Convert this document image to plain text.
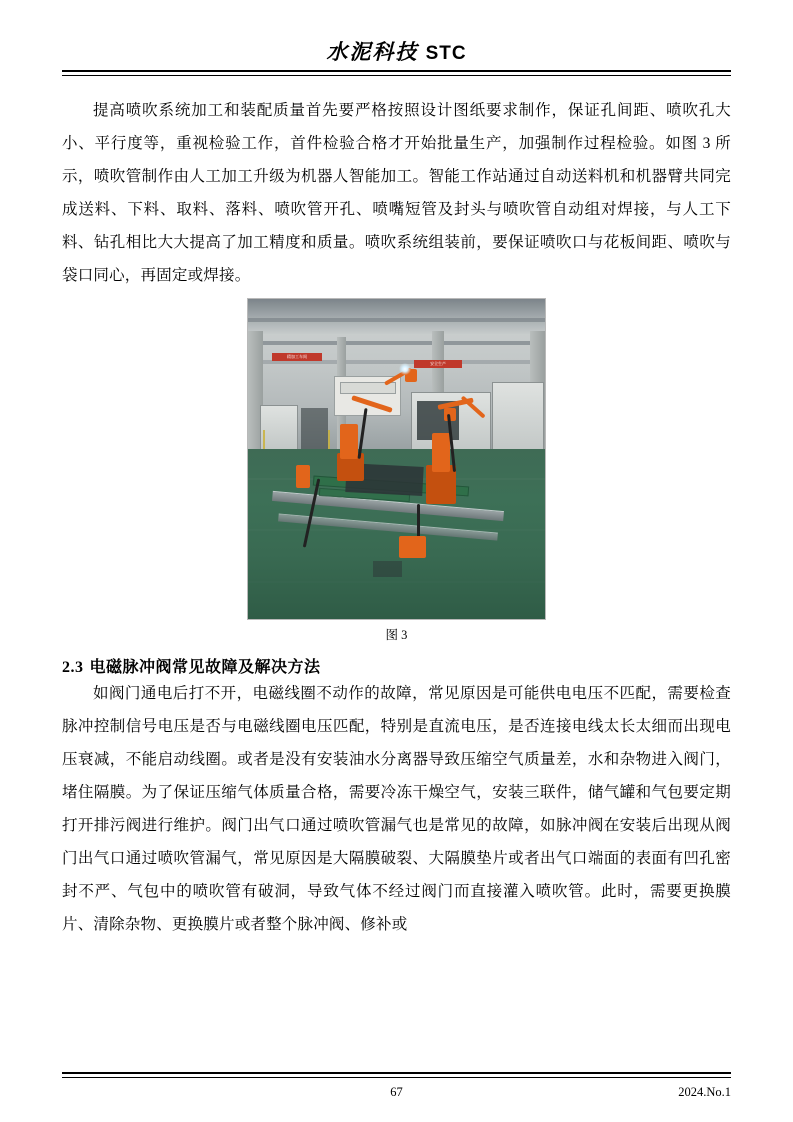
水泥科技 STC

提高喷吹系统加工和装配质量首先要严格按照设计图纸要求制作，保证孔间距、喷吹孔大小、平行度等，重视检验工作，首件检验合格才开始批量生产，加强制作过程检验。如图 3 所示，喷吹管制作由人工加工升级为机器人智能加工。智能工作站通过自动送料机和机器臂共同完成送料、下料、取料、落料、喷吹管开孔、喷嘴短管及封头与喷吹管自动组对焊接，与人工下料、钻孔相比大大提高了加工精度和质量。喷吹系统组装前，要保证喷吹口与花板间距、喷吹与袋口同心，再固定或焊接。

精加工车间
安全生产
图 3
2.3 电磁脉冲阀常见故障及解决方法

如阀门通电后打不开，电磁线圈不动作的故障，常见原因是可能供电电压不匹配，需要检查脉冲控制信号电压是否与电磁线圈电压匹配，特别是直流电压，是否连接电线太长太细而出现电压衰减，不能启动线圈。或者是没有安装油水分离器导致压缩空气质量差，水和杂物进入阀门，堵住隔膜。为了保证压缩气体质量合格，需要冷冻干燥空气，安装三联件，储气罐和气包要定期打开排污阀进行维护。阀门出气口通过喷吹管漏气也是常见的故障，如脉冲阀在安装后出现从阀门出气口通过喷吹管漏气，常见原因是大隔膜破裂、大隔膜垫片或者出气口端面的表面有凹孔密封不严、气包中的喷吹管有破洞，导致气体不经过阀门而直接灌入喷吹管。此时，需要更换膜片、清除杂物、更换膜片或者整个脉冲阀、修补或

67	2024.No.1
